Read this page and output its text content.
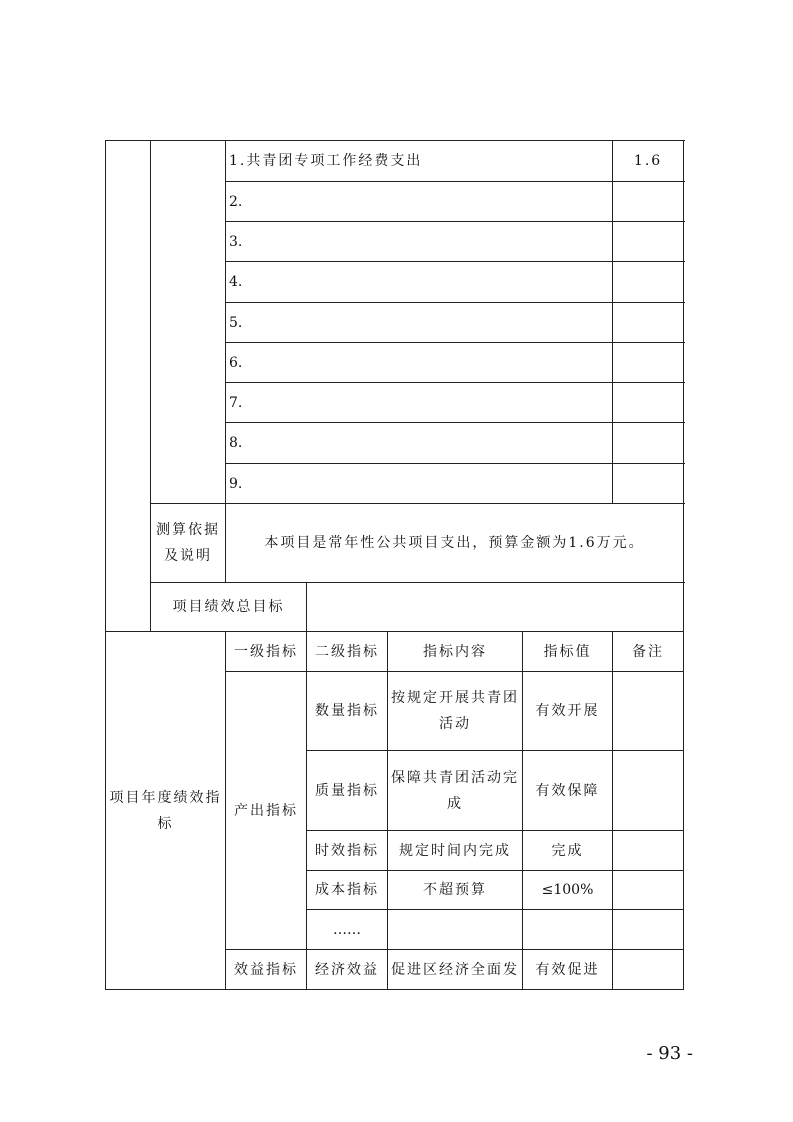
		1.共青团专项工作经费支出				1.6
		2.				
		3.				
		4.				
		5.				
		6.				
		7.				
		8.				
		9.				
	测算依据及说明	本项目是常年性公共项目支出，预算金额为1.6万元。				
	项目绩效总目标					
项目年度绩效指标		一级指标	二级指标	指标内容	指标值	备注
		产出指标	数量指标	按规定开展共青团活动	有效开展	
			质量指标	保障共青团活动完成	有效保障	
			时效指标	规定时间内完成	完成	
			成本指标	不超预算	≤100%	
			……			
		效益指标	经济效益	促进区经济全面发	有效促进	
- 93 -
